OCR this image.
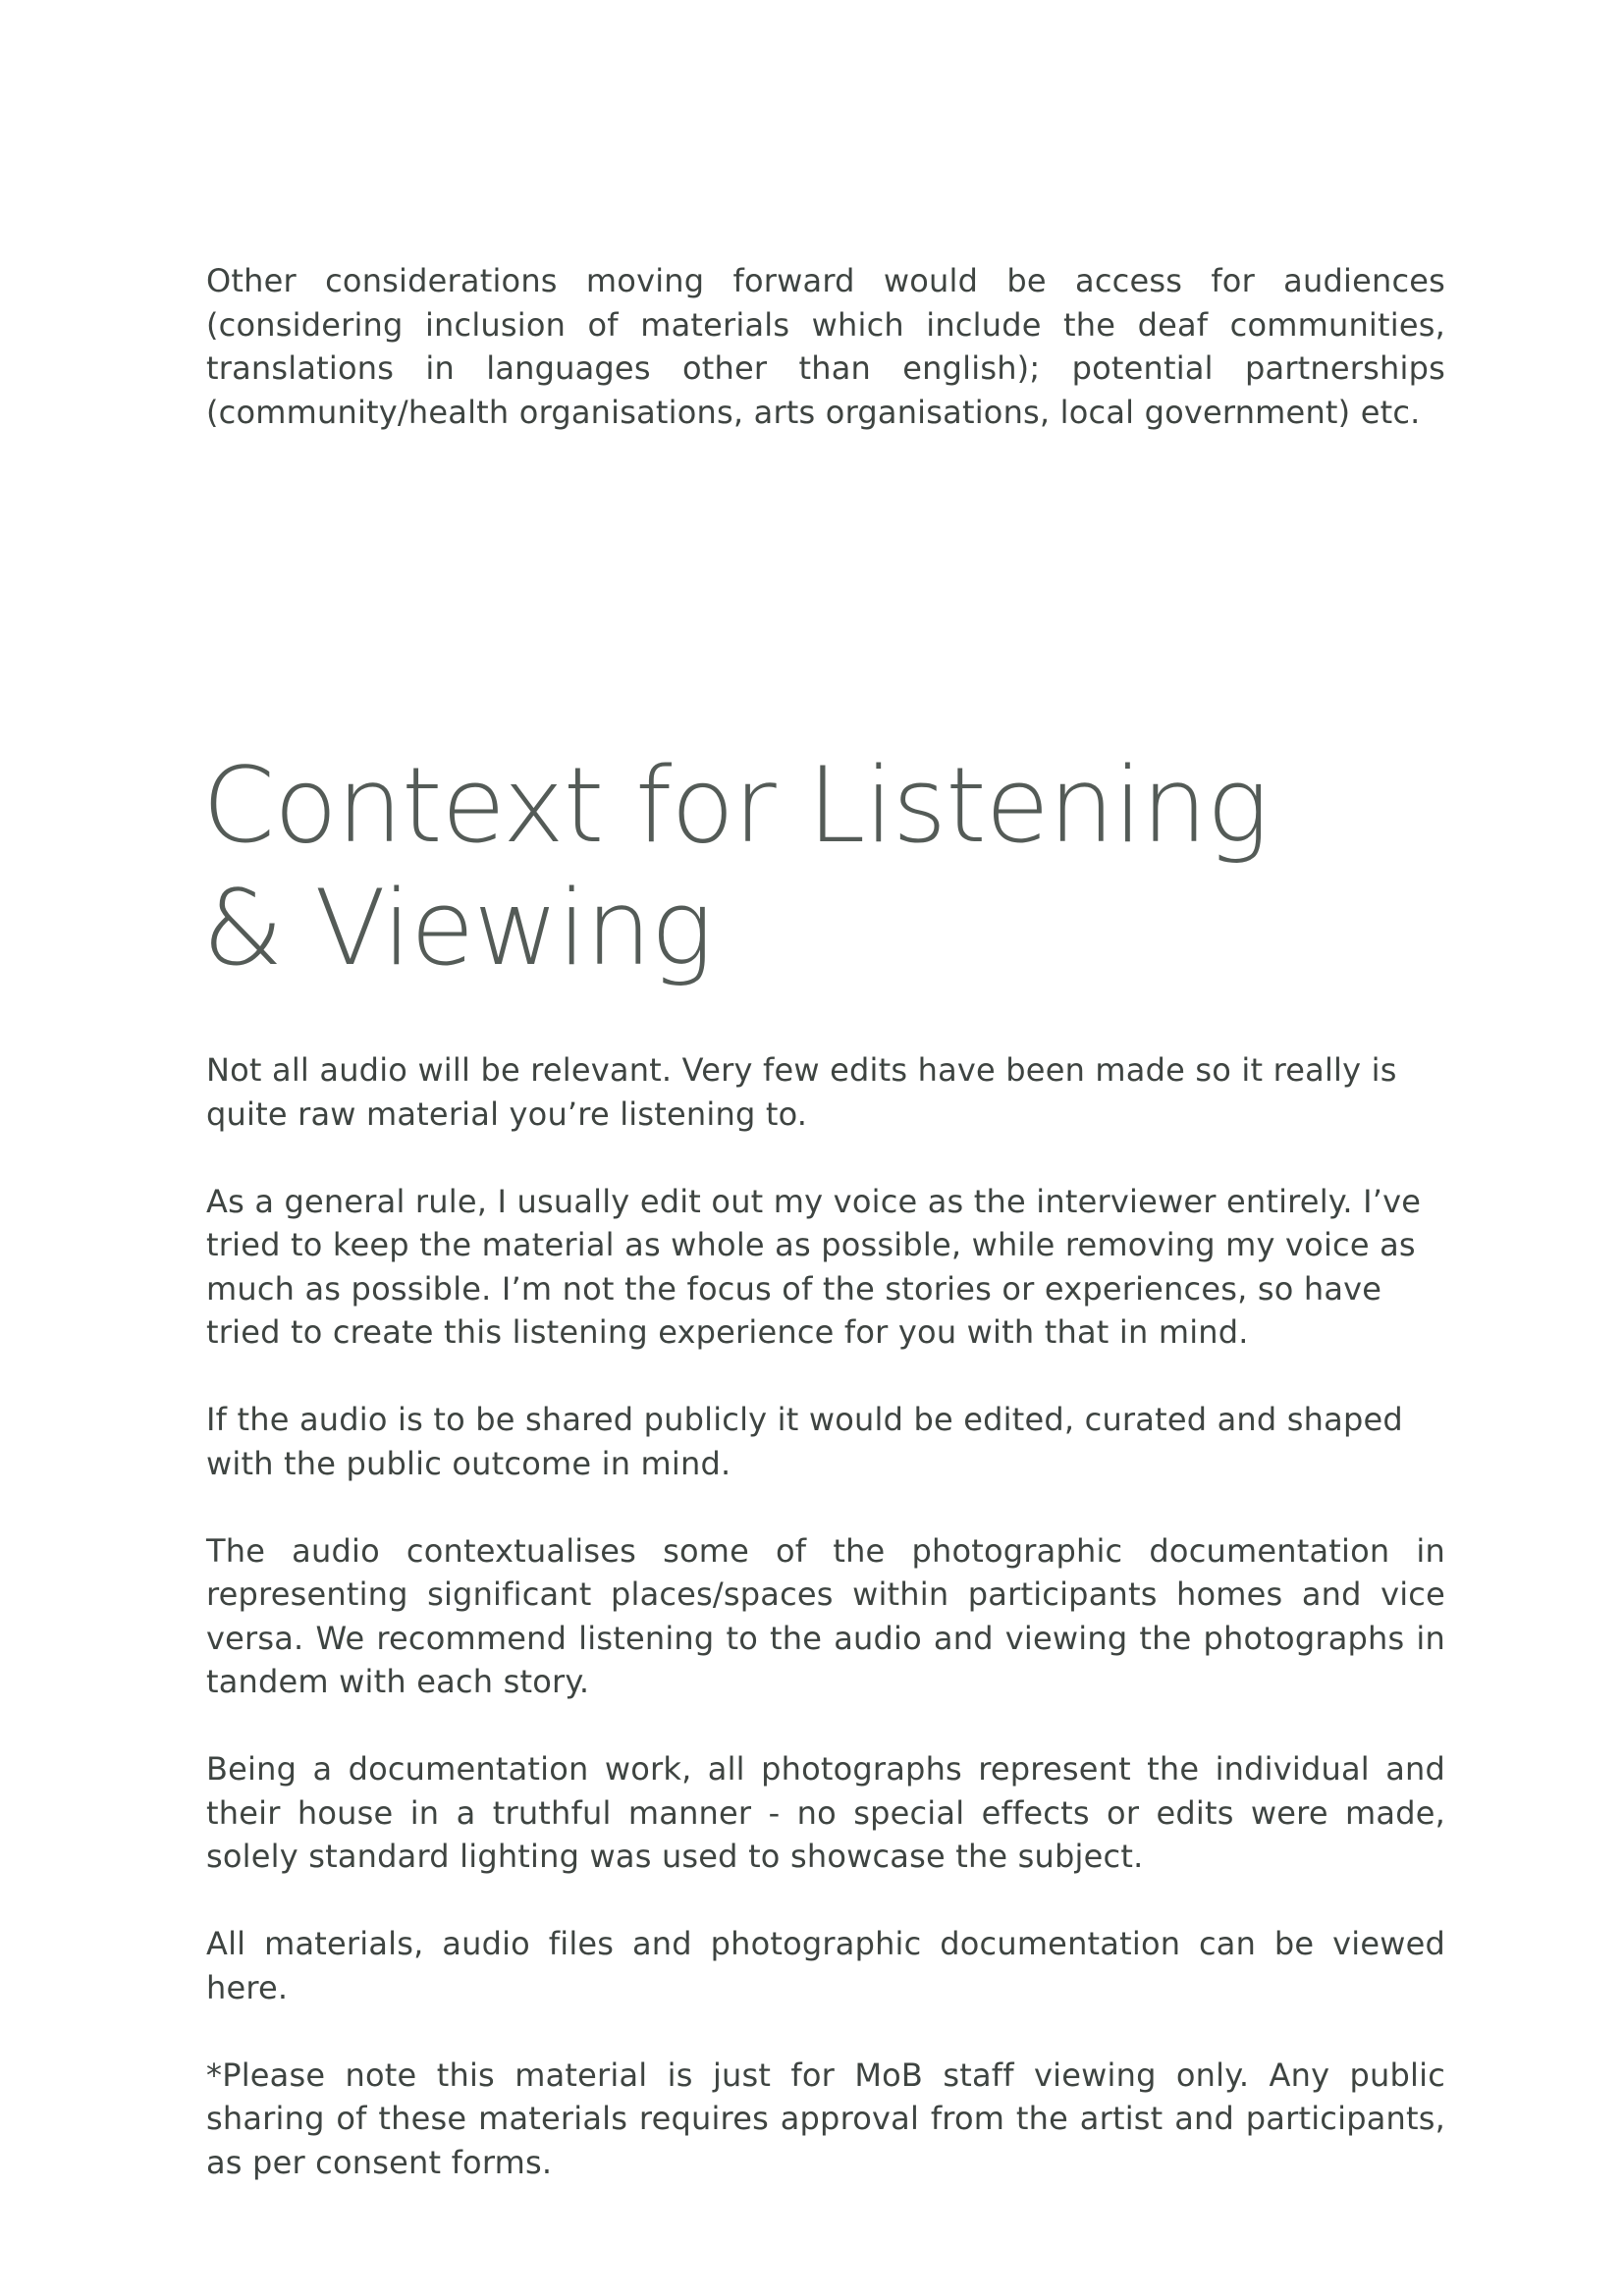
Other considerations moving forward would be access for audiences (considering inclusion of materials which include the deaf communities, translations in languages other than english); potential partnerships (community/health organisations, arts organisations, local government) etc.

Context for Listening
& Viewing

Not all audio will be relevant. Very few edits have been made so it really is quite raw material you’re listening to.

As a general rule, I usually edit out my voice as the interviewer entirely. I’ve tried to keep the material as whole as possible, while removing my voice as much as possible. I’m not the focus of the stories or experiences, so have tried to create this listening experience for you with that in mind.

If the audio is to be shared publicly it would be edited, curated and shaped with the public outcome in mind.

The audio contextualises some of the photographic documentation in representing significant places/spaces within participants homes and vice versa. We recommend listening to the audio and viewing the photographs in tandem with each story.

Being a documentation work, all photographs represent the individual and their house in a truthful manner - no special effects or edits were made, solely standard lighting was used to showcase the subject.

All materials, audio files and photographic documentation can be viewed here.

*Please note this material is just for MoB staff viewing only. Any public sharing of these materials requires approval from the artist and participants, as per consent forms.
